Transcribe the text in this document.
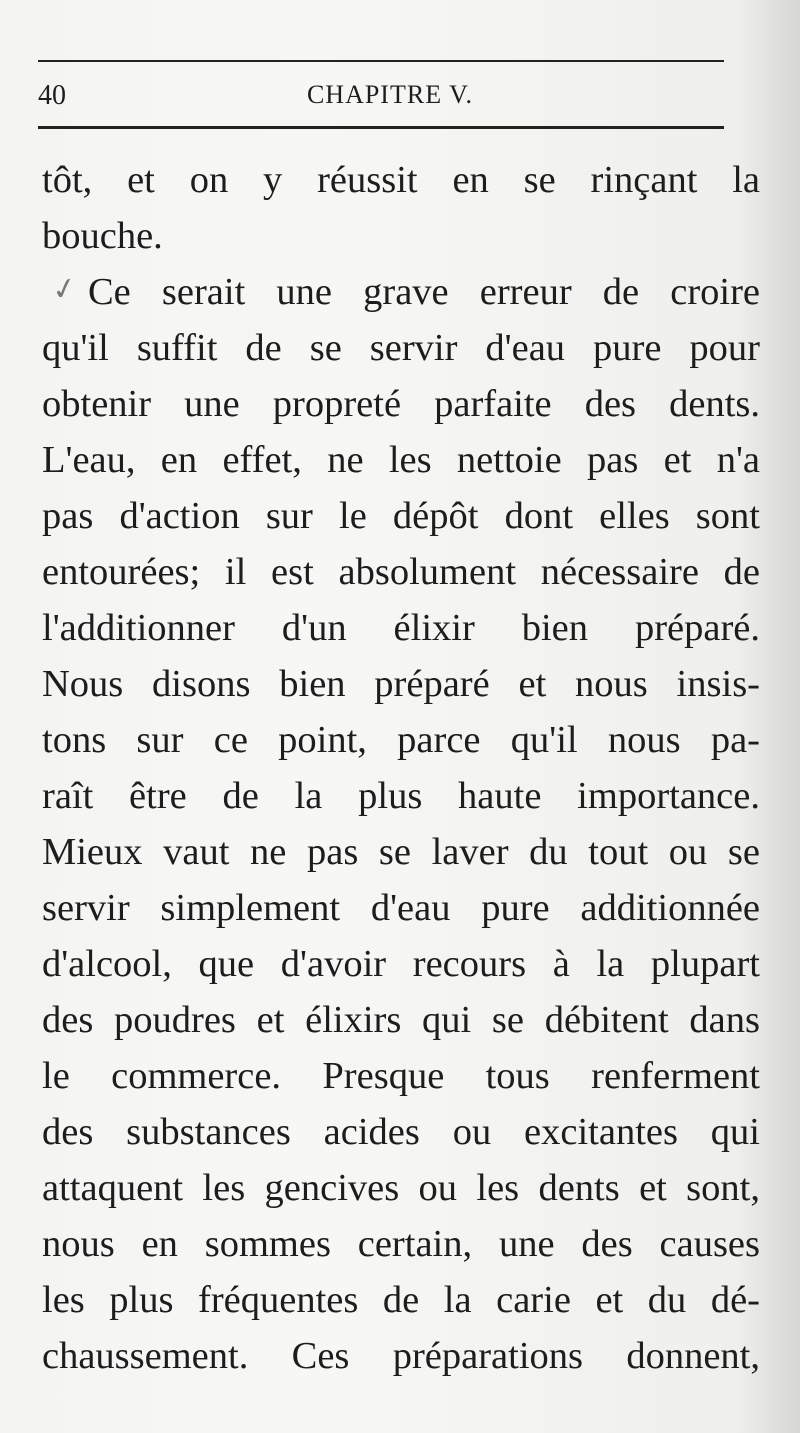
40	CHAPITRE V.
✓
tôt, et on y réussit en se rinçant la
bouche.
Ce serait une grave erreur de croire
qu'il suffit de se servir d'eau pure pour
obtenir une propreté parfaite des dents.
L'eau, en effet, ne les nettoie pas et n'a
pas d'action sur le dépôt dont elles sont
entourées; il est absolument nécessaire de
l'additionner d'un élixir bien préparé.
Nous disons bien préparé et nous insis-
tons sur ce point, parce qu'il nous pa-
raît être de la plus haute importance.
Mieux vaut ne pas se laver du tout ou se
servir simplement d'eau pure additionnée
d'alcool, que d'avoir recours à la plupart
des poudres et élixirs qui se débitent dans
le commerce. Presque tous renferment
des substances acides ou excitantes qui
attaquent les gencives ou les dents et sont,
nous en sommes certain, une des causes
les plus fréquentes de la carie et du dé-
chaussement. Ces préparations donnent,
